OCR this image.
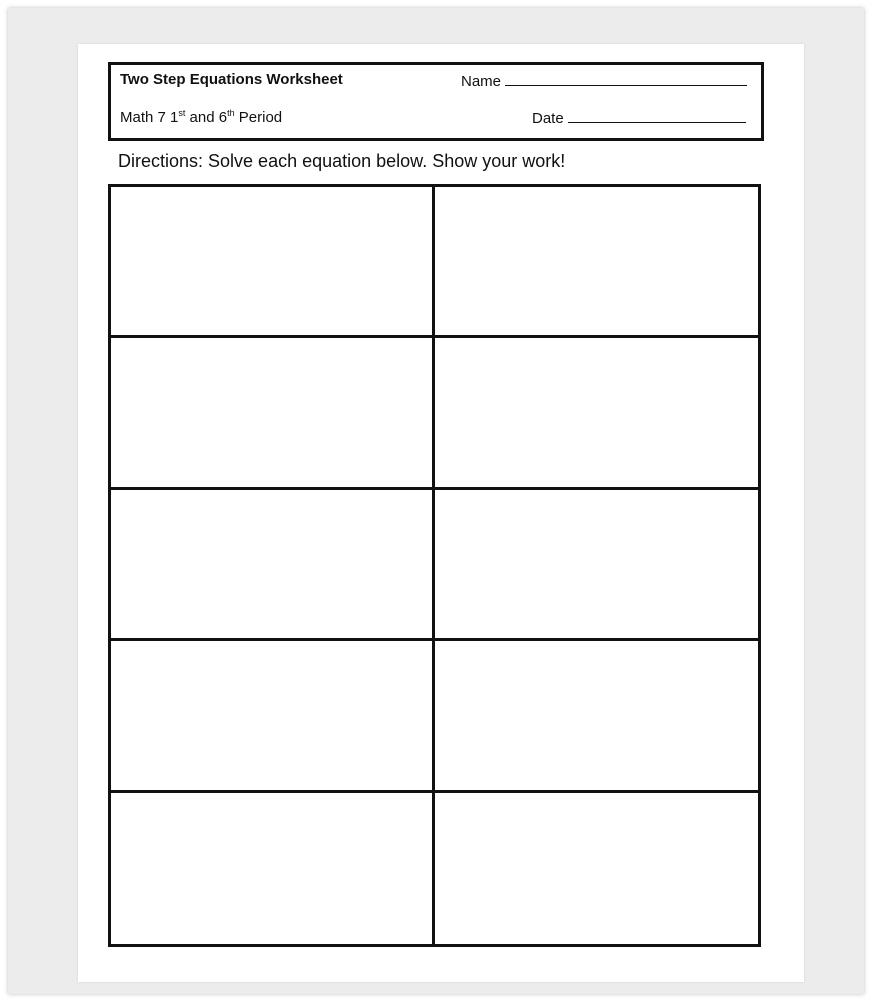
Two Step Equations Worksheet	Name
Math 7 1st and 6th Period	Date
Directions: Solve each equation below. Show your work!
